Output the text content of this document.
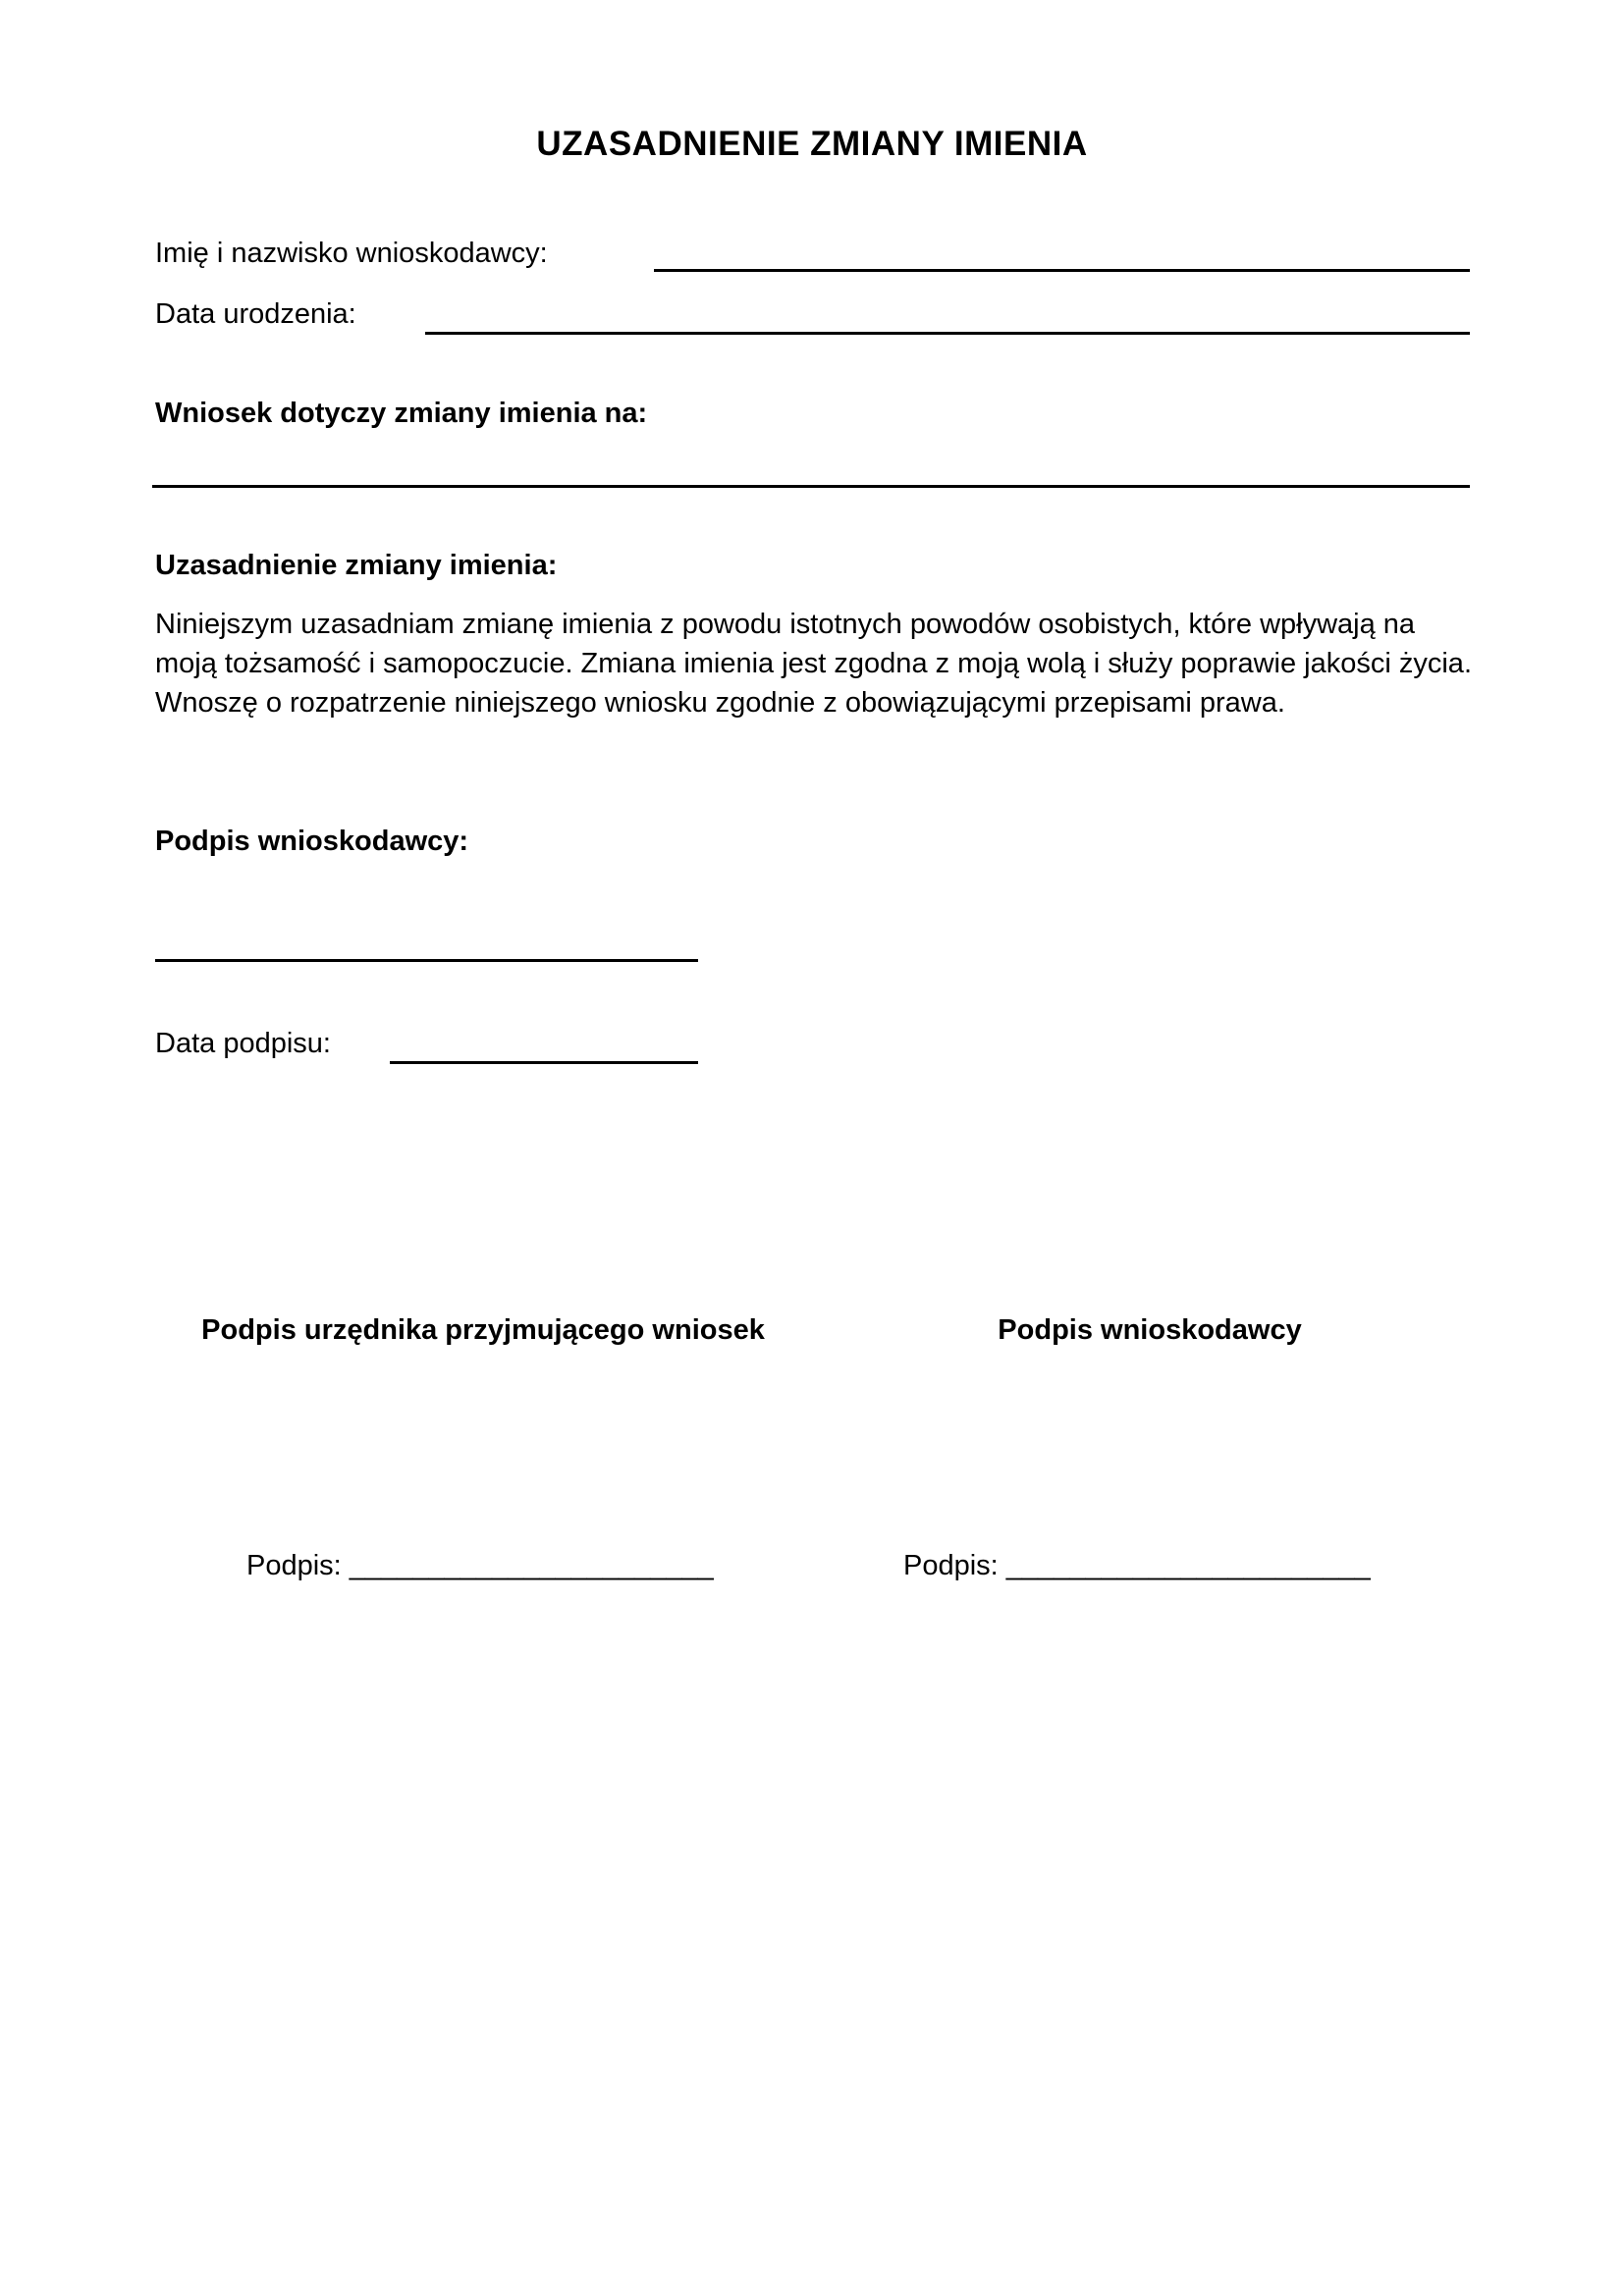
UZASADNIENIE ZMIANY IMIENIA
Imię i nazwisko wnioskodawcy:
Data urodzenia:
Wniosek dotyczy zmiany imienia na:
Uzasadnienie zmiany imienia:
Niniejszym uzasadniam zmianę imienia z powodu istotnych powodów osobistych, które wpływają na moją tożsamość i samopoczucie. Zmiana imienia jest zgodna z moją wolą i służy poprawie jakości życia. Wnoszę o rozpatrzenie niniejszego wniosku zgodnie z obowiązującymi przepisami prawa.
Podpis wnioskodawcy:
Data podpisu:
Podpis urzędnika przyjmującego wniosek	Podpis wnioskodawcy
Podpis: _______________________	Podpis: _______________________
